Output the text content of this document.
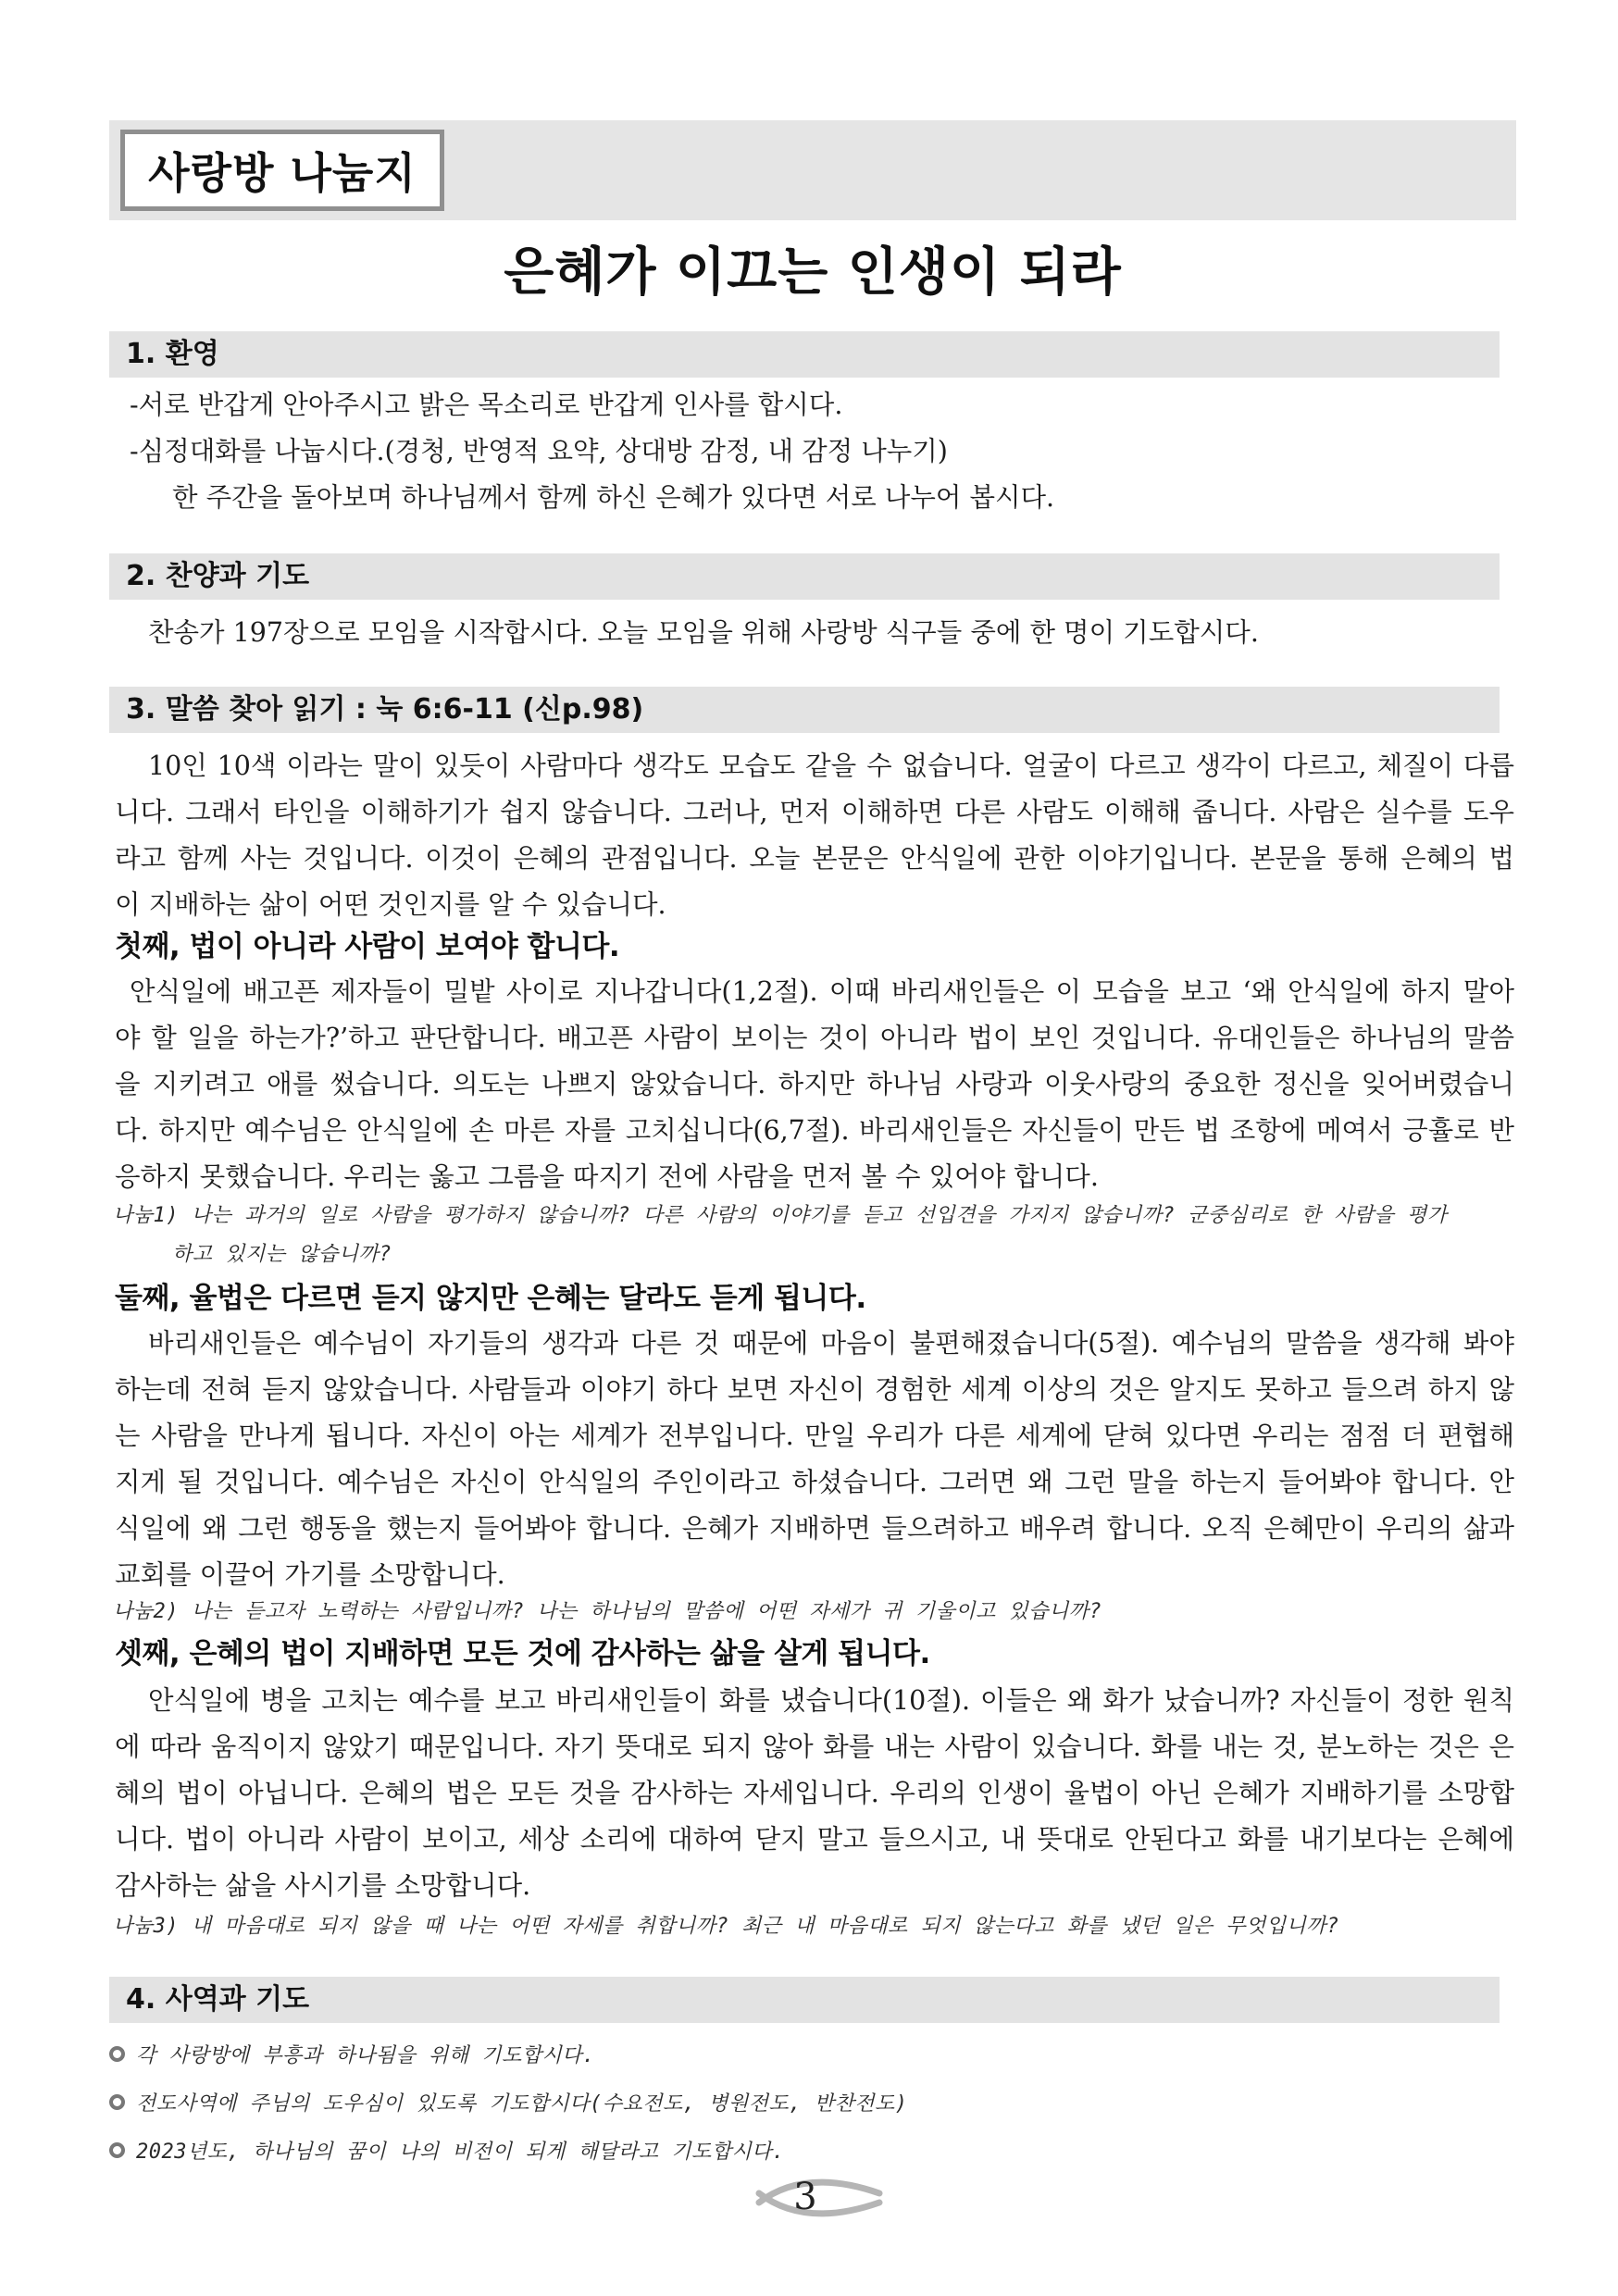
사랑방 나눔지
은혜가 이끄는 인생이 되라
1. 환영
-서로 반갑게 안아주시고 밝은 목소리로 반갑게 인사를 합시다.
-심정대화를 나눕시다.(경청, 반영적 요약, 상대방 감정, 내 감정 나누기)
한 주간을 돌아보며 하나님께서 함께 하신 은혜가 있다면 서로 나누어 봅시다.
2. 찬양과 기도
찬송가 197장으로 모임을 시작합시다. 오늘 모임을 위해 사랑방 식구들 중에 한 명이 기도합시다.
3. 말씀 찾아 읽기 : 눅 6:6-11 (신p.98)
10인 10색 이라는 말이 있듯이 사람마다 생각도 모습도 같을 수 없습니다. 얼굴이 다르고 생각이 다르고, 체질이 다릅
니다. 그래서 타인을 이해하기가 쉽지 않습니다. 그러나, 먼저 이해하면 다른 사람도 이해해 줍니다. 사람은 실수를 도우
라고 함께 사는 것입니다. 이것이 은혜의 관점입니다. 오늘 본문은 안식일에 관한 이야기입니다. 본문을 통해 은혜의 법
이 지배하는 삶이 어떤 것인지를 알 수 있습니다.
첫째, 법이 아니라 사람이 보여야 합니다.
안식일에 배고픈 제자들이 밀밭 사이로 지나갑니다(1,2절). 이때 바리새인들은 이 모습을 보고 ‘왜 안식일에 하지 말아
야 할 일을 하는가?’하고 판단합니다. 배고픈 사람이 보이는 것이 아니라 법이 보인 것입니다. 유대인들은 하나님의 말씀
을 지키려고 애를 썼습니다. 의도는 나쁘지 않았습니다. 하지만 하나님 사랑과 이웃사랑의 중요한 정신을 잊어버렸습니
다. 하지만 예수님은 안식일에 손 마른 자를 고치십니다(6,7절). 바리새인들은 자신들이 만든 법 조항에 메여서 긍휼로 반
응하지 못했습니다. 우리는 옳고 그름을 따지기 전에 사람을 먼저 볼 수 있어야 합니다.
나눔1) 나는 과거의 일로 사람을 평가하지 않습니까? 다른 사람의 이야기를 듣고 선입견을 가지지 않습니까? 군중심리로 한 사람을 평가
하고 있지는 않습니까?
둘째, 율법은 다르면 듣지 않지만 은혜는 달라도 듣게 됩니다.
바리새인들은 예수님이 자기들의 생각과 다른 것 때문에 마음이 불편해졌습니다(5절). 예수님의 말씀을 생각해 봐야
하는데 전혀 듣지 않았습니다. 사람들과 이야기 하다 보면 자신이 경험한 세계 이상의 것은 알지도 못하고 들으려 하지 않
는 사람을 만나게 됩니다. 자신이 아는 세계가 전부입니다. 만일 우리가 다른 세계에 닫혀 있다면 우리는 점점 더 편협해
지게 될 것입니다. 예수님은 자신이 안식일의 주인이라고 하셨습니다. 그러면 왜 그런 말을 하는지 들어봐야 합니다. 안
식일에 왜 그런 행동을 했는지 들어봐야 합니다. 은혜가 지배하면 들으려하고 배우려 합니다. 오직 은혜만이 우리의 삶과
교회를 이끌어 가기를 소망합니다.
나눔2) 나는 듣고자 노력하는 사람입니까? 나는 하나님의 말씀에 어떤 자세가 귀 기울이고 있습니까?
셋째, 은혜의 법이 지배하면 모든 것에 감사하는 삶을 살게 됩니다.
안식일에 병을 고치는 예수를 보고 바리새인들이 화를 냈습니다(10절). 이들은 왜 화가 났습니까? 자신들이 정한 원칙
에 따라 움직이지 않았기 때문입니다. 자기 뜻대로 되지 않아 화를 내는 사람이 있습니다. 화를 내는 것, 분노하는 것은 은
혜의 법이 아닙니다. 은혜의 법은 모든 것을 감사하는 자세입니다. 우리의 인생이 율법이 아닌 은혜가 지배하기를 소망합
니다. 법이 아니라 사람이 보이고, 세상 소리에 대하여 닫지 말고 들으시고, 내 뜻대로 안된다고 화를 내기보다는 은혜에
감사하는 삶을 사시기를 소망합니다.
나눔3) 내 마음대로 되지 않을 때 나는 어떤 자세를 취합니까? 최근 내 마음대로 되지 않는다고 화를 냈던 일은 무엇입니까?
4. 사역과 기도
각 사랑방에 부흥과 하나됨을 위해 기도합시다.
전도사역에 주님의 도우심이 있도록 기도합시다(수요전도, 병원전도, 반찬전도)
2023년도, 하나님의 꿈이 나의 비전이 되게 해달라고 기도합시다.
3
